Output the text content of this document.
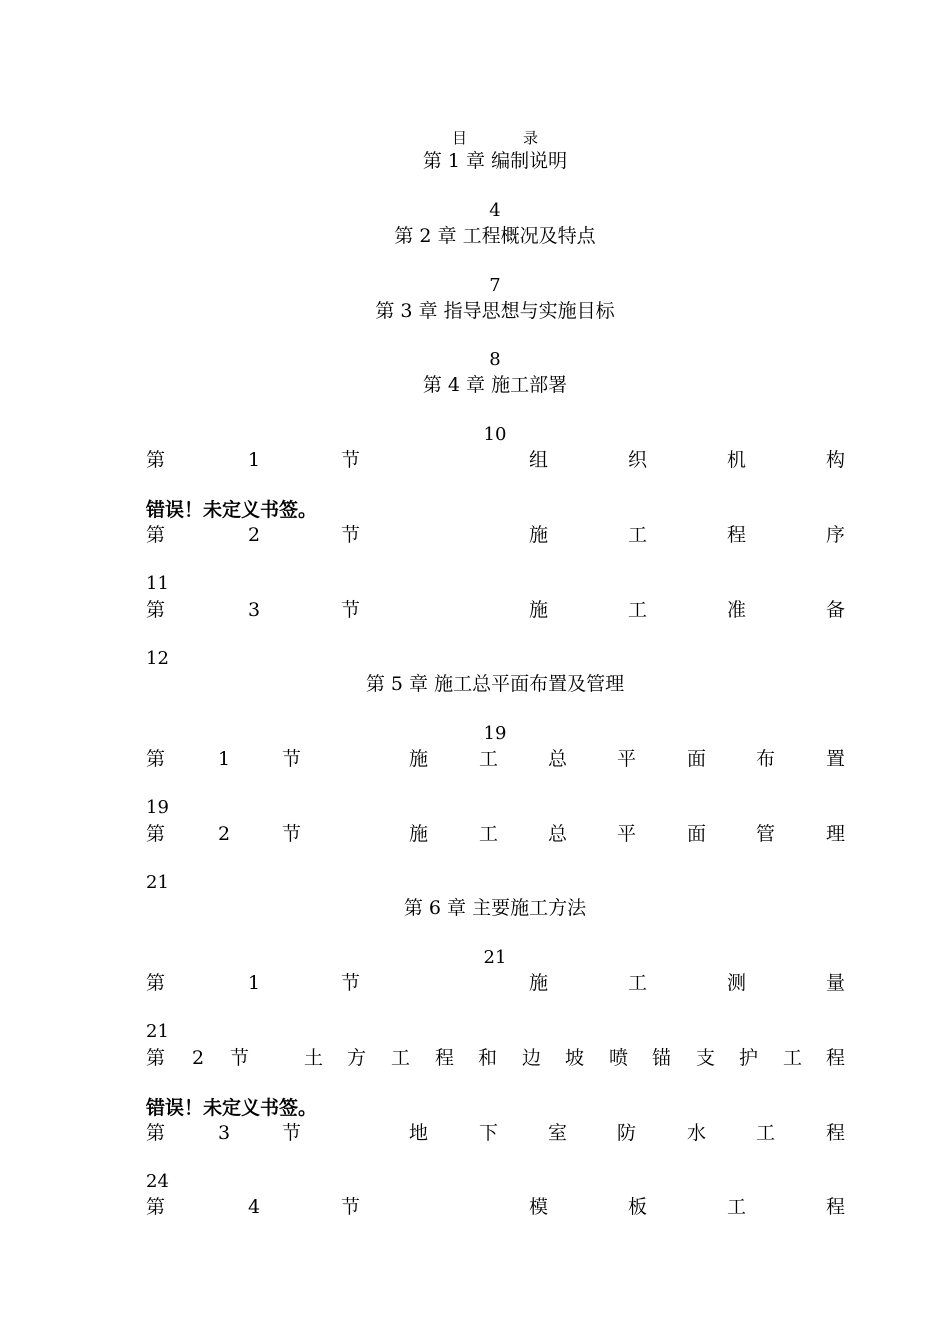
目	录
第 1 章 编制说明
4
第 2 章 工程概况及特点
7
第 3 章 指导思想与实施目标
8
第 4 章 施工部署
10
第	1	节	组	织	机	构
错误！未定义书签。
第	2	节	施	工	程	序
11
第	3	节	施	工	准	备
12
第 5 章 施工总平面布置及管理
19
第	1	节	施	工	总	平	面	布	置
19
第	2	节	施	工	总	平	面	管	理
21
第 6 章 主要施工方法
21
第	1	节	施	工	测	量
21
第 2 节	土 方 工 程 和 边 坡 喷 锚 支 护 工 程
错误！未定义书签。
第	3	节	地	下	室	防	水	工	程
24
第	4	节	模	板	工	程
